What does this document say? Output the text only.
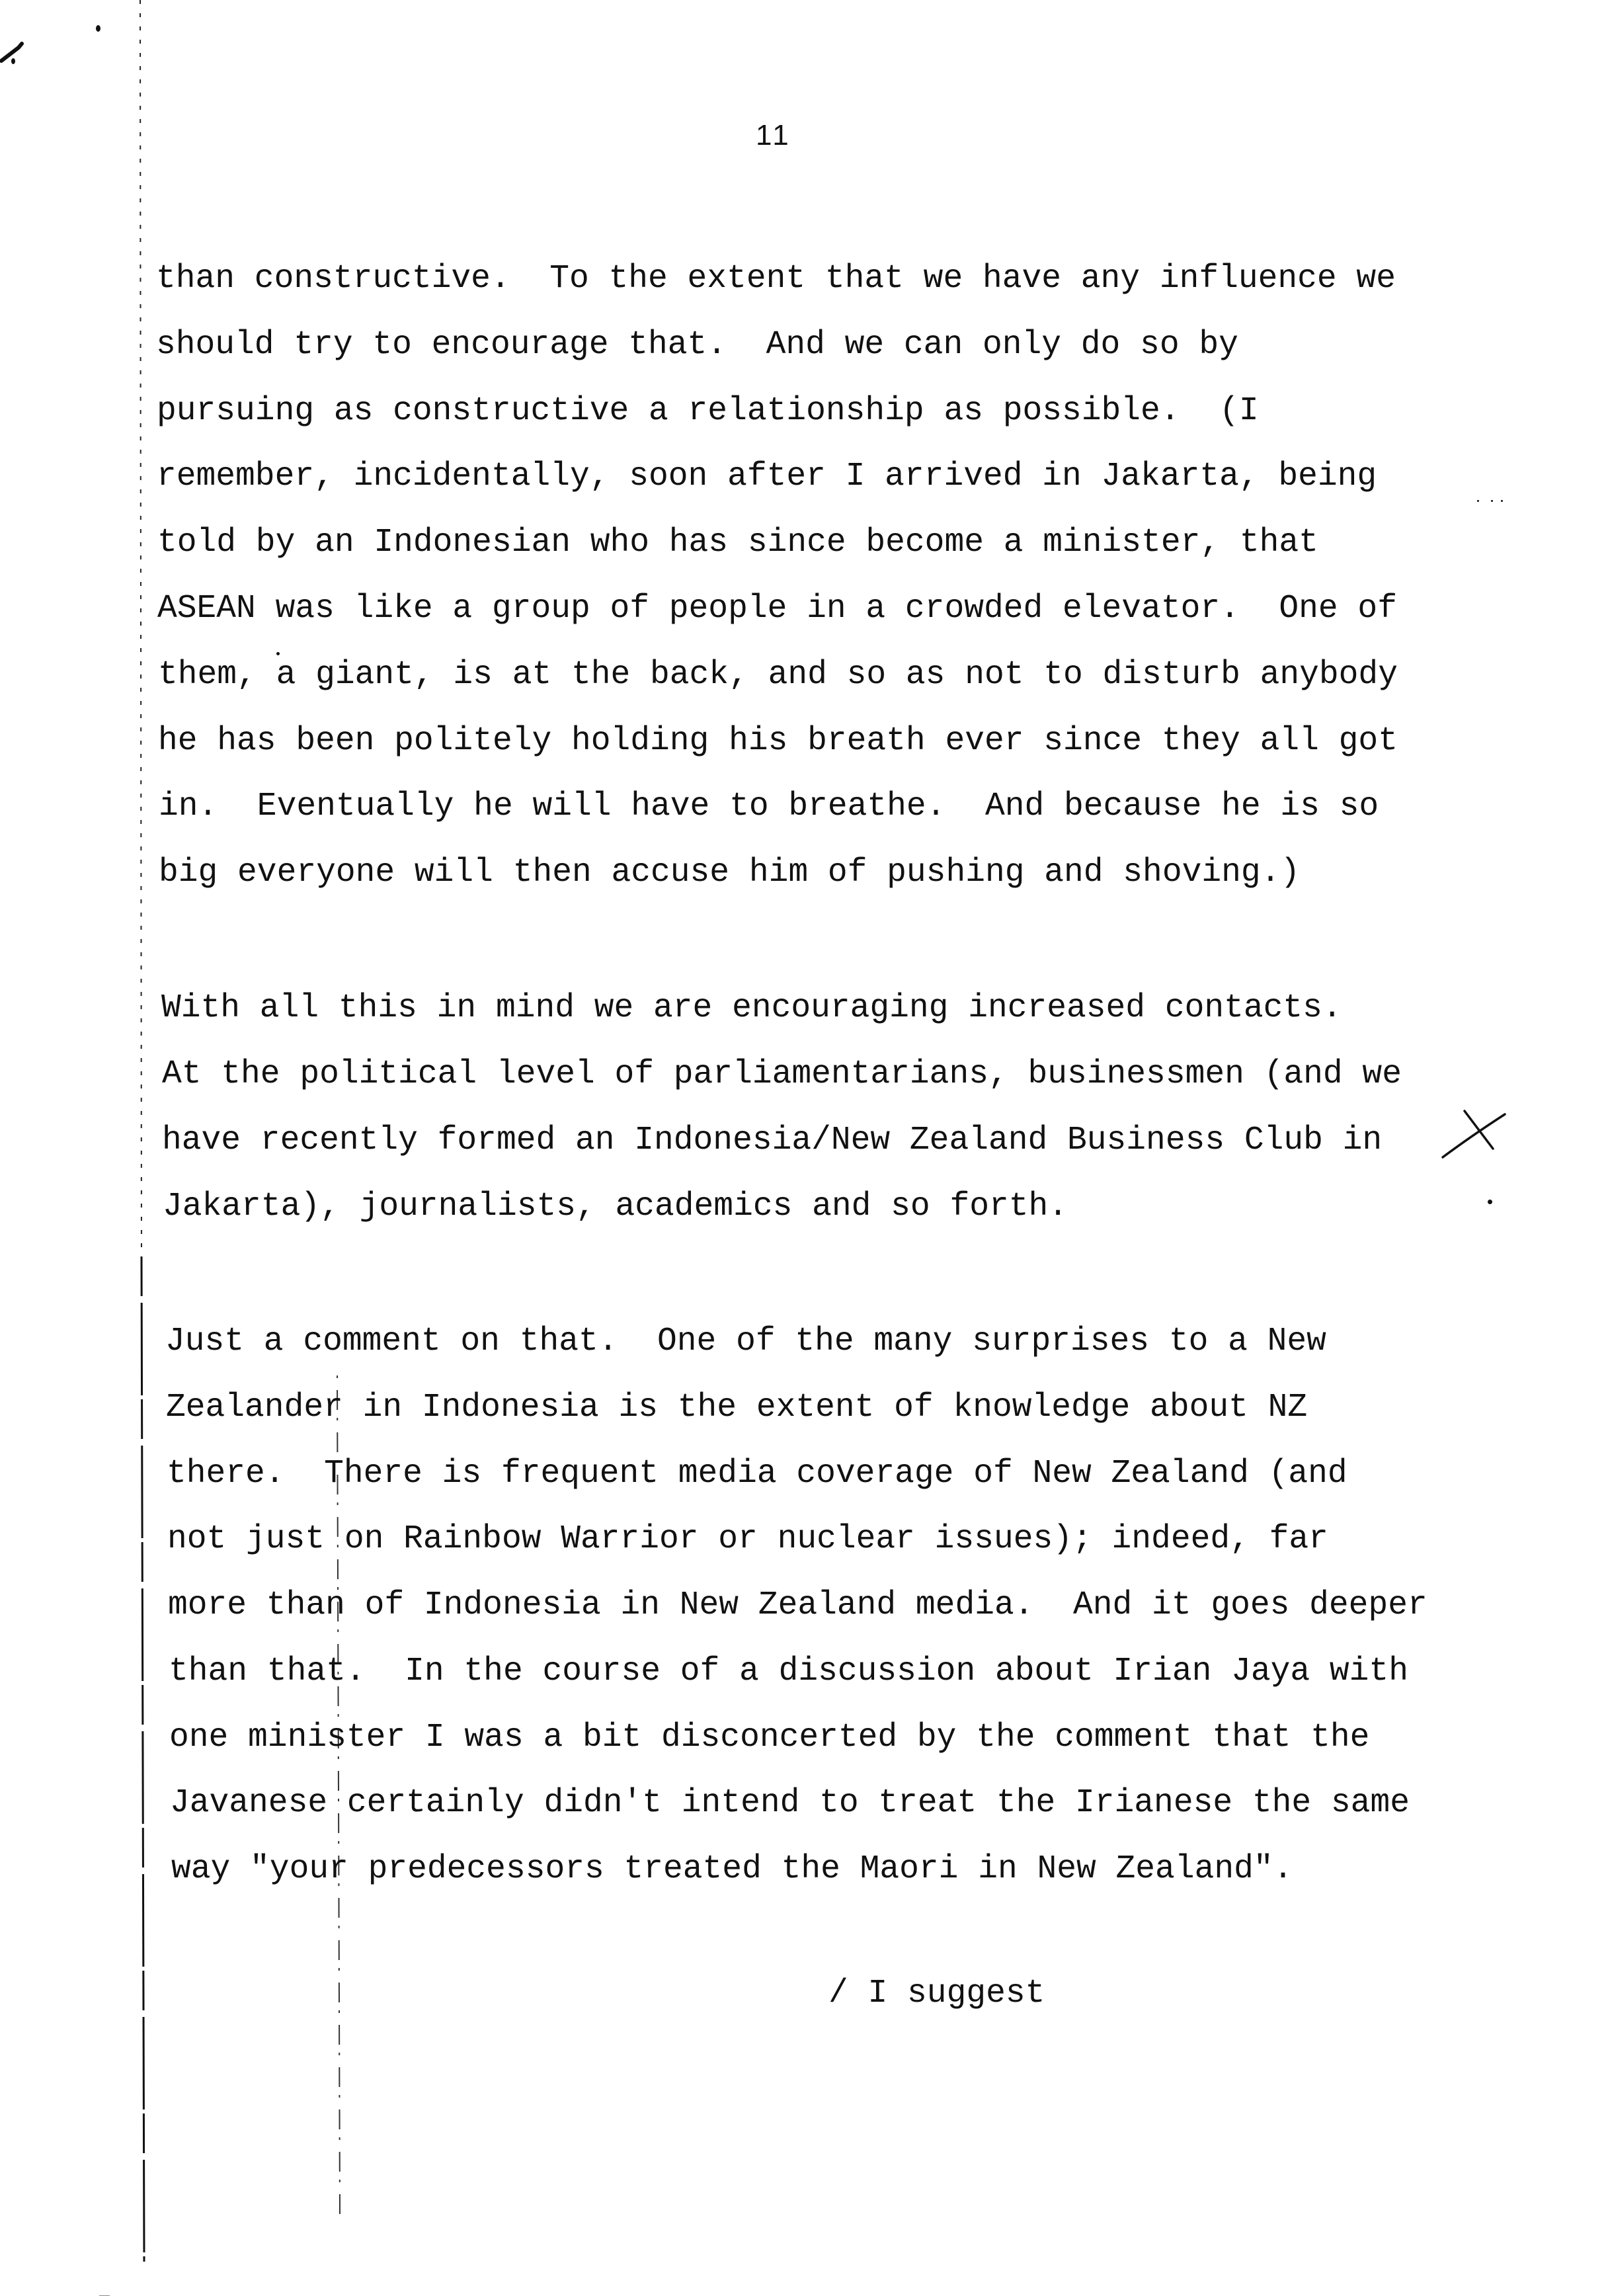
11
than constructive.  To the extent that we have any influence we
should try to encourage that.  And we can only do so by
pursuing as constructive a relationship as possible.  (I
remember, incidentally, soon after I arrived in Jakarta, being
told by an Indonesian who has since become a minister, that
ASEAN was like a group of people in a crowded elevator.  One of
them, a giant, is at the back, and so as not to disturb anybody
he has been politely holding his breath ever since they all got
in.  Eventually he will have to breathe.  And because he is so
big everyone will then accuse him of pushing and shoving.)
With all this in mind we are encouraging increased contacts.
At the political level of parliamentarians, businessmen (and we
have recently formed an Indonesia/New Zealand Business Club in
Jakarta), journalists, academics and so forth.
Just a comment on that.  One of the many surprises to a New
Zealander in Indonesia is the extent of knowledge about NZ
there.  There is frequent media coverage of New Zealand (and
not just on Rainbow Warrior or nuclear issues); indeed, far
more than of Indonesia in New Zealand media.  And it goes deeper
than that.  In the course of a discussion about Irian Jaya with
one minister I was a bit disconcerted by the comment that the
Javanese certainly didn't intend to treat the Irianese the same
way "your predecessors treated the Maori in New Zealand".
/ I suggest
